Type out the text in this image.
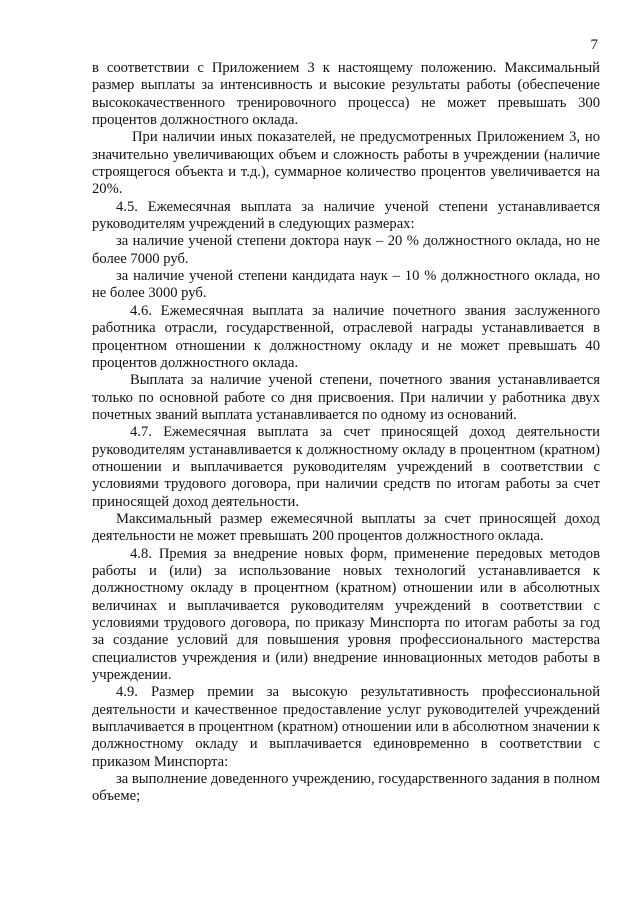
7

в соответствии с Приложением 3 к настоящему положению. Максимальный размер выплаты за интенсивность и высокие результаты работы (обеспечение высококачественного тренировочного процесса) не может превышать 300 процентов должностного оклада.

При наличии иных показателей, не предусмотренных Приложением 3, но значительно увеличивающих объем и сложность работы в учреждении (наличие строящегося объекта и т.д.), суммарное количество процентов увеличивается на 20%.

4.5. Ежемесячная выплата за наличие ученой степени устанавливается руководителям учреждений в следующих размерах:

за наличие ученой степени доктора наук – 20 % должностного оклада, но не более 7000 руб.

за наличие ученой степени кандидата наук – 10 % должностного оклада, но не более 3000 руб.

4.6. Ежемесячная выплата за наличие почетного звания заслуженного работника отрасли, государственной, отраслевой награды устанавливается в процентном отношении к должностному окладу и не может превышать 40 процентов должностного оклада.

Выплата за наличие ученой степени, почетного звания устанавливается только по основной работе со дня присвоения. При наличии у работника двух почетных званий выплата устанавливается по одному из оснований.

4.7. Ежемесячная выплата за счет приносящей доход деятельности руководителям устанавливается к должностному окладу в процентном (кратном) отношении и выплачивается руководителям учреждений в соответствии с условиями трудового договора, при наличии средств по итогам работы за счет приносящей доход деятельности.

Максимальный размер ежемесячной выплаты за счет приносящей доход деятельности не может превышать 200 процентов должностного оклада.

4.8. Премия за внедрение новых форм, применение передовых методов работы и (или) за использование новых технологий устанавливается к должностному окладу в процентном (кратном) отношении или в абсолютных величинах и выплачивается руководителям учреждений в соответствии с условиями трудового договора, по приказу Минспорта по итогам работы за год за создание условий для повышения уровня профессионального мастерства специалистов учреждения и (или) внедрение инновационных методов работы в учреждении.

4.9. Размер премии за высокую результативность профессиональной деятельности и качественное предоставление услуг руководителей учреждений выплачивается в процентном (кратном) отношении или в абсолютном значении к должностному окладу и выплачивается единовременно в соответствии с приказом Минспорта:

за выполнение доведенного учреждению, государственного задания в полном объеме;
